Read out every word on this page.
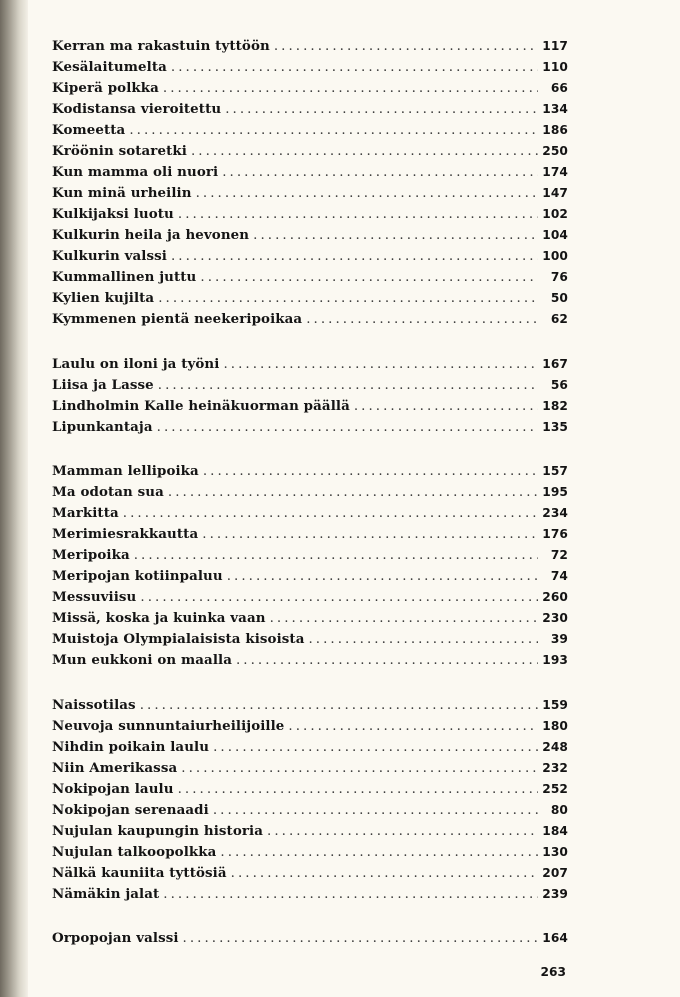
Kerran ma rakastuin tyttöön . . .	117
Kesälaitumelta . . .	110
Kiperä polkka . . .	66
Kodistansa vieroitettu . . .	134
Komeetta . . .	186
Kröönin sotaretki . . .	250
Kun mamma oli nuori . . .	174
Kun minä urheilin . . .	147
Kulkijaksi luotu . . .	102
Kulkurin heila ja hevonen . . .	104
Kulkurin valssi . . .	100
Kummallinen juttu . . .	76
Kylien kujilta . . .	50
Kymmenen pientä neekeripoikaa . . .	62
Laulu on iloni ja työni . . .	167
Liisa ja Lasse . . .	56
Lindholmin Kalle heinäkuorman päällä . . .	182
Lipunkantaja . . .	135
Mamman lellipoika . . .	157
Ma odotan sua . . .	195
Markitta . . .	234
Merimiesrakkautta . . .	176
Meripoika . . .	72
Meripojan kotiinpaluu . . .	74
Messuviisu . . .	260
Missä, koska ja kuinka vaan . . .	230
Muistoja Olympialaisista kisoista . . .	39
Mun eukkoni on maalla . . .	193
Naissotilas . . .	159
Neuvoja sunnuntaiurheilijoille . . .	180
Nihdin poikain laulu . . .	248
Niin Amerikassa . . .	232
Nokipojan laulu . . .	252
Nokipojan serenaadi . . .	80
Nujulan kaupungin historia . . .	184
Nujulan talkoopolkka . . .	130
Nälkä kauniita tyttösiä . . .	207
Nämäkin jalat . . .	239
Orpopojan valssi . . .	164
263
